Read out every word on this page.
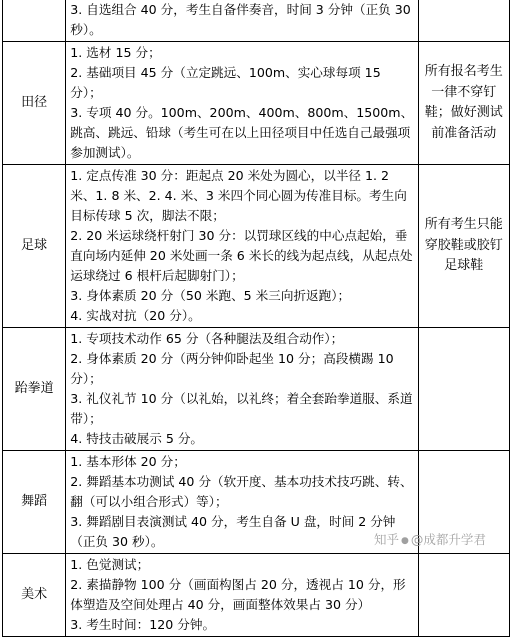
	3. 自选组合 40 分，考生自备伴奏音，时间 3 分钟（正负 30 秒）。	

田径	1. 选材 15 分；
2. 基础项目 45 分（立定跳远、100m、实心球每项 15 分）；
3. 专项 40 分。100m、200m、400m、800m、1500m、跳高、跳远、铅球（考生可在以上田径项目中任选自己最强项参加测试）。	所有报名考生一律不穿钉鞋；做好测试前准备活动
足球	1. 定点传准 30 分：距起点 20 米处为圆心，以半径 1. 2 米、1. 8 米、2. 4. 米、3 米四个同心圆为传准目标。考生向目标传球 5 次，脚法不限；
2. 20 米运球绕杆射门 30 分：以罚球区线的中心点起始，垂直向场内延伸 20 米处画一条 6 米长的线为起点线，从起点处运球绕过 6 根杆后起脚射门）；
3. 身体素质 20 分（50 米跑、5 米三向折返跑）；
4. 实战对抗（20 分）。	所有考生只能穿胶鞋或胶钉足球鞋
跆拳道	1. 专项技术动作 65 分（各种腿法及组合动作）；
2. 身体素质 20 分（两分钟仰卧起坐 10 分；高段横踢 10 分）；
3. 礼仪礼节 10 分（以礼始，以礼终；着全套跆拳道服、系道带）；
4. 特技击破展示 5 分。	

舞蹈	1. 基本形体 20 分；
2. 舞蹈基本功测试 40 分（软开度、基本功技术技巧跳、转、翻（可以小组合形式）等）；
3. 舞蹈剧目表演测试 40 分，考生自备 U 盘，时间 2 分钟（正负 30 秒）。	

美术	1. 色觉测试；
2. 素描静物 100 分（画面构图占 20 分，透视占 10 分，形体塑造及空间处理占 40 分，画面整体效果占 30 分）
3. 考生时间：120 分钟。	

知乎 ● @成都升学君
